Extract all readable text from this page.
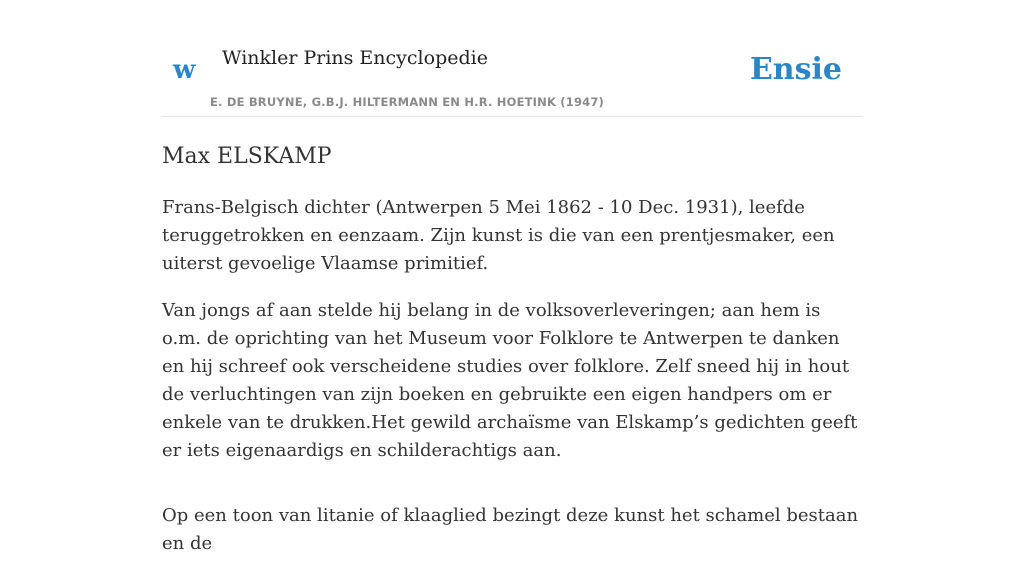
w Winkler Prins Encyclopedie
E. DE BRUYNE, G.B.J. HILTERMANN EN H.R. HOETINK (1947)
Ensie
Max ELSKAMP

Frans-Belgisch dichter (Antwerpen 5 Mei 1862 - 10 Dec. 1931), leefde teruggetrokken en eenzaam. Zijn kunst is die van een prentjesmaker, een uiterst gevoelige Vlaamse primitief.

Van jongs af aan stelde hij belang in de volksoverleveringen; aan hem is o.m. de oprichting van het Museum voor Folklore te Antwerpen te danken en hij schreef ook verscheidene studies over folklore. Zelf sneed hij in hout de verluchtingen van zijn boeken en gebruikte een eigen handpers om er enkele van te drukken.Het gewild archaïsme van Elskamp’s gedichten geeft er iets eigenaardigs en schilderachtigs aan.

Op een toon van litanie of klaaglied bezingt deze kunst het schamel bestaan en de
